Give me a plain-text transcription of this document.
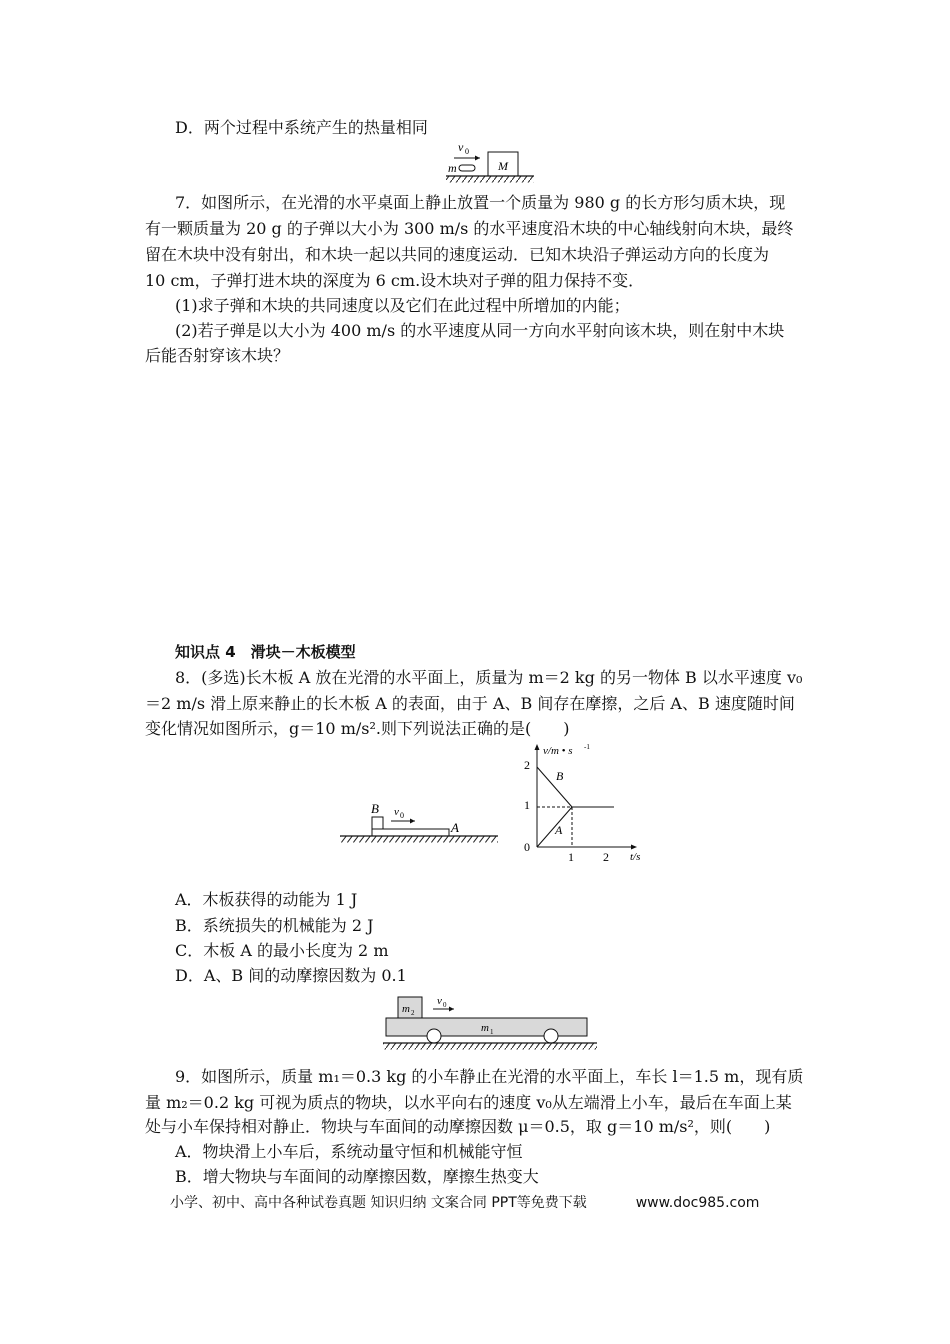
D．两个过程中系统产生的热量相同
v 0
m	M
7．如图所示，在光滑的水平桌面上静止放置一个质量为 980 g 的长方形匀质木块，现
有一颗质量为 20 g 的子弹以大小为 300 m/s 的水平速度沿木块的中心轴线射向木块，最终
留在木块中没有射出，和木块一起以共同的速度运动．已知木块沿子弹运动方向的长度为
10 cm，子弹打进木块的深度为 6 cm.设木块对子弹的阻力保持不变．
(1)求子弹和木块的共同速度以及它们在此过程中所增加的内能；
(2)若子弹是以大小为 400 m/s 的水平速度从同一方向水平射向该木块，则在射中木块
后能否射穿该木块？
知识点 4　滑块－木板模型
8．(多选)长木板 A 放在光滑的水平面上，质量为 m＝2 kg 的另一物体 B 以水平速度 v₀
＝2 m/s 滑上原来静止的长木板 A 的表面，由于 A、B 间存在摩擦，之后 A、B 速度随时间
变化情况如图所示，g＝10 m/s².则下列说法正确的是(　　)
B v 0
A
v/m • s -1
t/s
0
2
1
1 2
B
A
A．木板获得的动能为 1 J
B．系统损失的机械能为 2 J
C．木板 A 的最小长度为 2 m
D．A、B 间的动摩擦因数为 0.1
m 2
v 0
m 1
9．如图所示，质量 m₁＝0.3 kg 的小车静止在光滑的水平面上，车长 l＝1.5 m，现有质
量 m₂＝0.2 kg 可视为质点的物块，以水平向右的速度 v₀从左端滑上小车，最后在车面上某
处与小车保持相对静止．物块与车面间的动摩擦因数 μ＝0.5，取 g＝10 m/s²，则(　　)
A．物块滑上小车后，系统动量守恒和机械能守恒
B．增大物块与车面间的动摩擦因数，摩擦生热变大
小学、初中、高中各种试卷真题 知识归纳 文案合同 PPT等免费下载	www.doc985.com
